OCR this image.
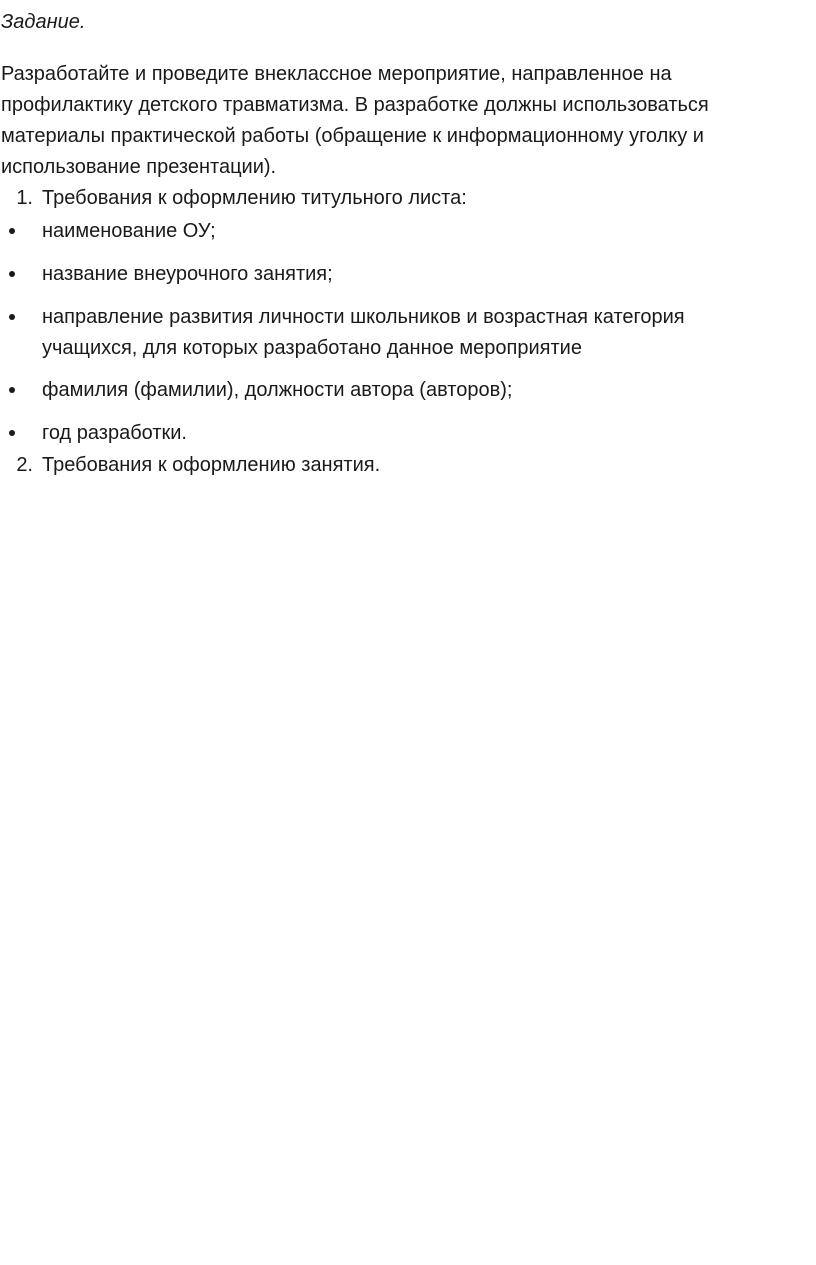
Задание.

Разработайте и проведите внеклассное мероприятие, направленное на
профилактику детского травматизма. В разработке должны использоваться
материалы практической работы (обращение к информационному уголку и
использование презентации).

1. Требования к оформлению титульного листа:
наименование ОУ;
название внеурочного занятия;
направление развития личности школьников и возрастная категория
учащихся, для которых разработано данное мероприятие
фамилия (фамилии), должности автора (авторов);
год разработки.
2. Требования к оформлению занятия.
